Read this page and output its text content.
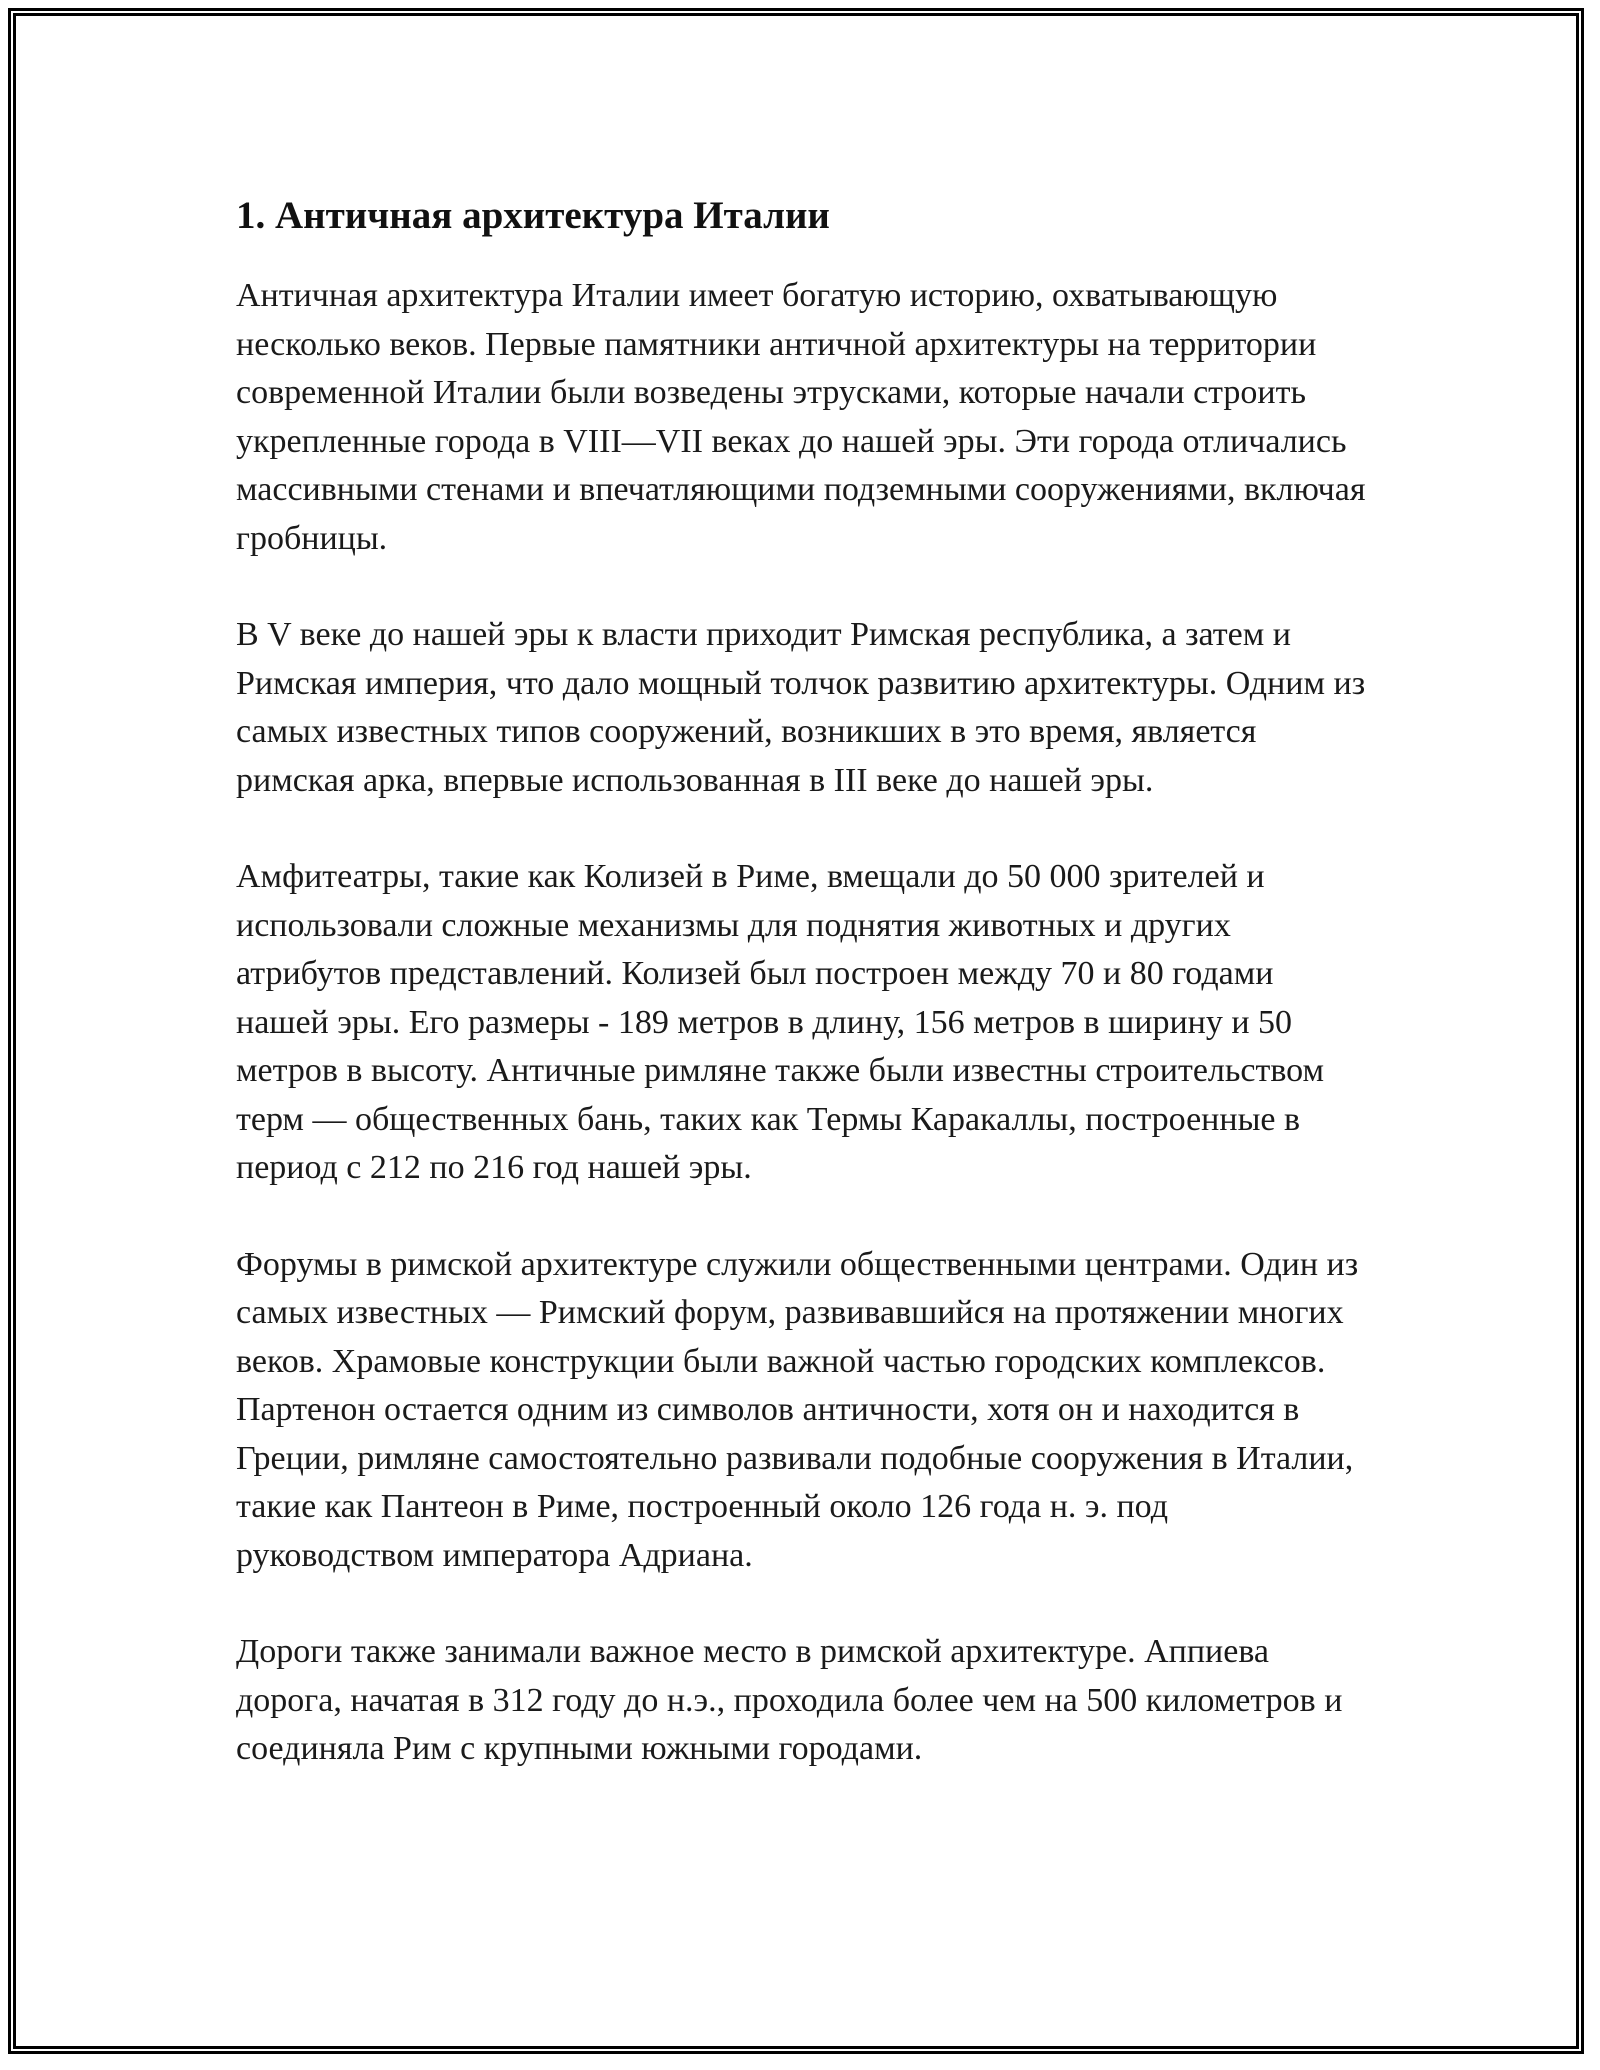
1. Античная архитектура Италии

Античная архитектура Италии имеет богатую историю, охватывающую несколько веков. Первые памятники античной архитектуры на территории современной Италии были возведены этрусками, которые начали строить укрепленные города в VIII—VII веках до нашей эры. Эти города отличались массивными стенами и впечатляющими подземными сооружениями, включая гробницы.

В V веке до нашей эры к власти приходит Римская республика, а затем и Римская империя, что дало мощный толчок развитию архитектуры. Одним из самых известных типов сооружений, возникших в это время, является римская арка, впервые использованная в III веке до нашей эры.

Амфитеатры, такие как Колизей в Риме, вмещали до 50 000 зрителей и использовали сложные механизмы для поднятия животных и других атрибутов представлений. Колизей был построен между 70 и 80 годами нашей эры. Его размеры - 189 метров в длину, 156 метров в ширину и 50 метров в высоту. Античные римляне также были известны строительством терм — общественных бань, таких как Термы Каракаллы, построенные в период с 212 по 216 год нашей эры.

Форумы в римской архитектуре служили общественными центрами. Один из самых известных — Римский форум, развивавшийся на протяжении многих веков. Храмовые конструкции были важной частью городских комплексов. Партенон остается одним из символов античности, хотя он и находится в Греции, римляне самостоятельно развивали подобные сооружения в Италии, такие как Пантеон в Риме, построенный около 126 года н. э. под руководством императора Адриана.

Дороги также занимали важное место в римской архитектуре. Аппиева дорога, начатая в 312 году до н.э., проходила более чем на 500 километров и соединяла Рим с крупными южными городами.
